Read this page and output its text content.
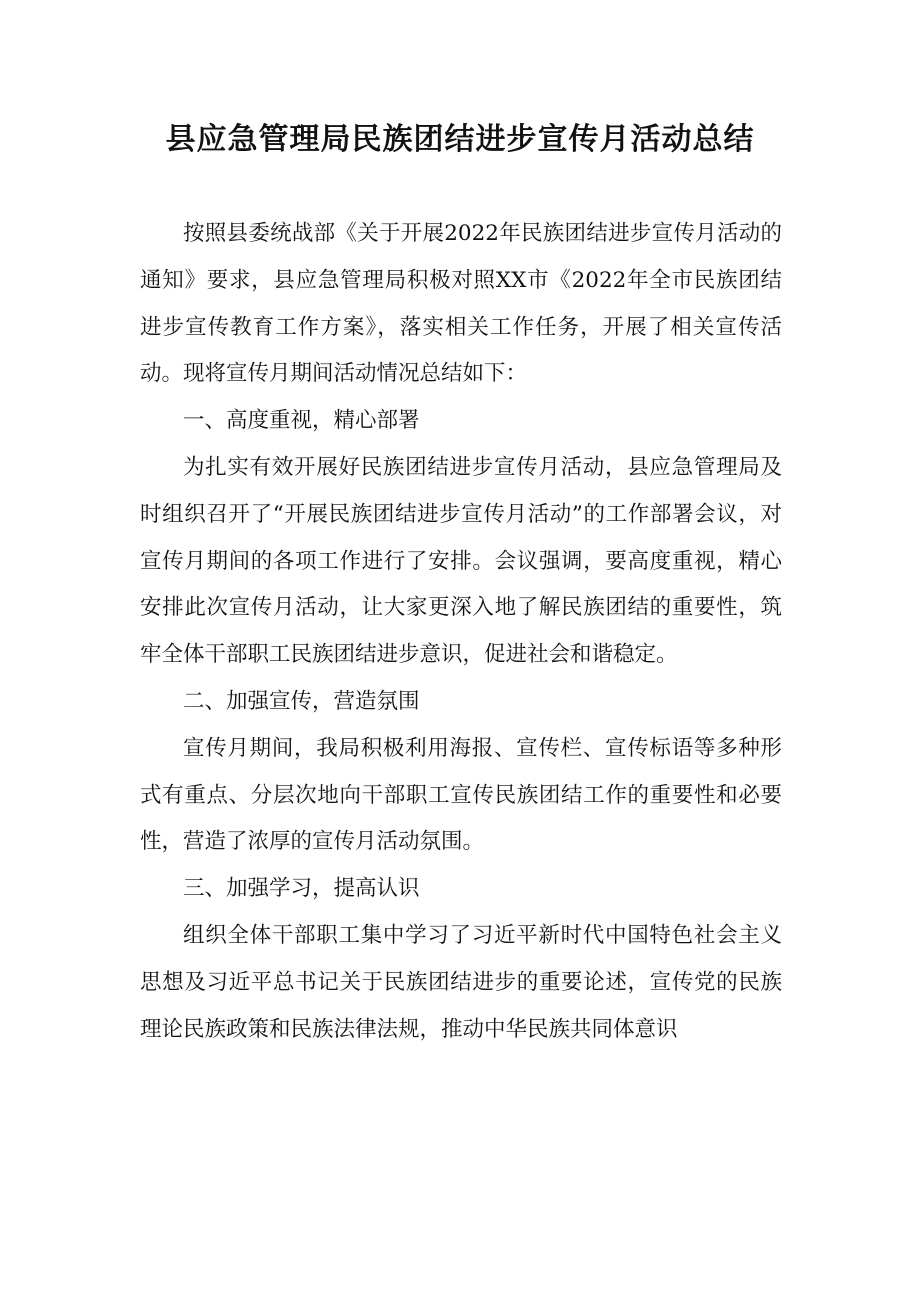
县应急管理局民族团结进步宣传月活动总结

按照县委统战部《关于开展2022年民族团结进步宣传月活动的通知》要求，县应急管理局积极对照XX市《2022年全市民族团结进步宣传教育工作方案》，落实相关工作任务，开展了相关宣传活动。现将宣传月期间活动情况总结如下：

一、高度重视，精心部署

为扎实有效开展好民族团结进步宣传月活动，县应急管理局及时组织召开了“开展民族团结进步宣传月活动”的工作部署会议，对宣传月期间的各项工作进行了安排。会议强调，要高度重视，精心安排此次宣传月活动，让大家更深入地了解民族团结的重要性，筑牢全体干部职工民族团结进步意识，促进社会和谐稳定。

二、加强宣传，营造氛围

宣传月期间，我局积极利用海报、宣传栏、宣传标语等多种形式有重点、分层次地向干部职工宣传民族团结工作的重要性和必要性，营造了浓厚的宣传月活动氛围。

三、加强学习，提高认识

组织全体干部职工集中学习了习近平新时代中国特色社会主义思想及习近平总书记关于民族团结进步的重要论述，宣传党的民族理论民族政策和民族法律法规，推动中华民族共同体意识
